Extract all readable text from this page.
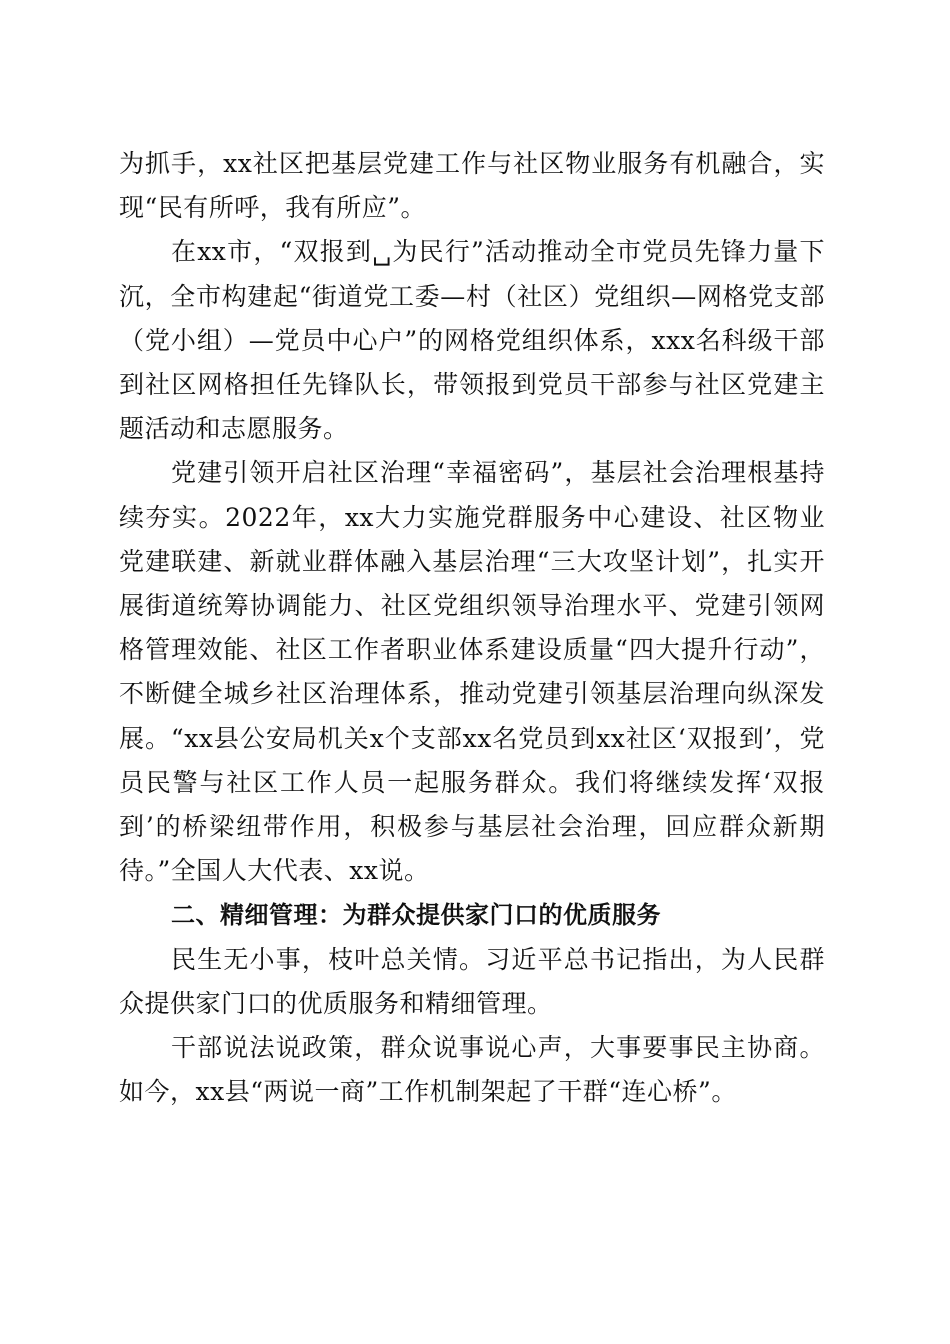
为抓手，xx社区把基层党建工作与社区物业服务有机融合，实现“民有所呼，我有所应”。

在xx市，“双报到␣为民行”活动推动全市党员先锋力量下沉，全市构建起“街道党工委—村（社区）党组织—网格党支部（党小组）—党员中心户”的网格党组织体系，xxx名科级干部到社区网格担任先锋队长，带领报到党员干部参与社区党建主题活动和志愿服务。

党建引领开启社区治理“幸福密码”，基层社会治理根基持续夯实。2022年，xx大力实施党群服务中心建设、社区物业党建联建、新就业群体融入基层治理“三大攻坚计划”，扎实开展街道统筹协调能力、社区党组织领导治理水平、党建引领网格管理效能、社区工作者职业体系建设质量“四大提升行动”，不断健全城乡社区治理体系，推动党建引领基层治理向纵深发展。“xx县公安局机关x个支部xx名党员到xx社区‘双报到’，党员民警与社区工作人员一起服务群众。我们将继续发挥‘双报到’的桥梁纽带作用，积极参与基层社会治理，回应群众新期待。”全国人大代表、xx说。

二、精细管理：为群众提供家门口的优质服务

民生无小事，枝叶总关情。习近平总书记指出，为人民群众提供家门口的优质服务和精细管理。

干部说法说政策，群众说事说心声，大事要事民主协商。如今，xx县“两说一商”工作机制架起了干群“连心桥”。
